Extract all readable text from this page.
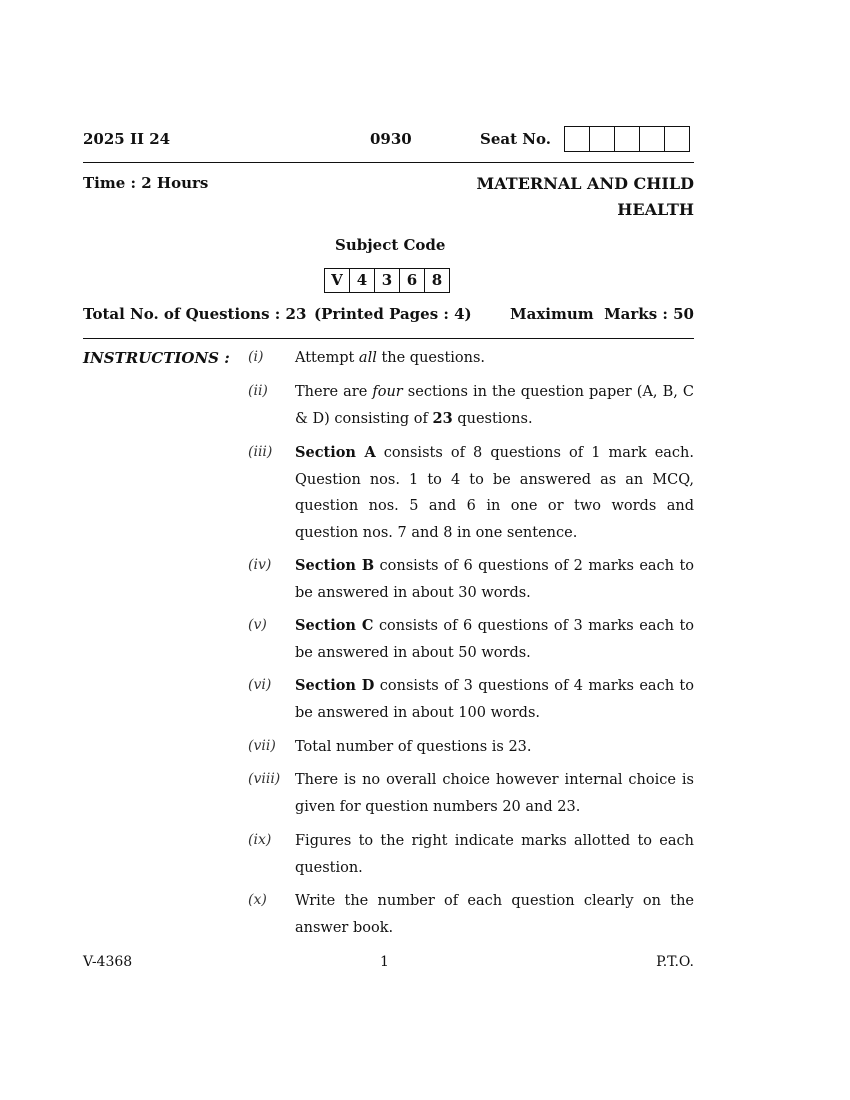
2025 II 24	0930	Seat No.
Time : 2 Hours	MATERNAL AND CHILD
HEALTH
Subject Code
V 4 3 6 8
Total No. of Questions : 23 (Printed Pages : 4)	Maximum  Marks : 50
INSTRUCTIONS : (i) Attempt all the questions.
(ii) There are four sections in the question paper (A, B, C & D) consisting of 23 questions.
(iii) Section A consists of 8 questions of 1 mark each. Question nos. 1 to 4 to be answered as an MCQ, question nos. 5 and 6 in one or two words and question nos. 7 and 8 in one sentence.
(iv) Section B consists of 6 questions of 2 marks each to be answered in about 30 words.
(v) Section C consists of 6 questions of 3 marks each to be answered in about 50 words.
(vi) Section D consists of 3 questions of 4 marks each to be answered in about 100 words.
(vii) Total number of questions is 23.
(viii) There is no overall choice however internal choice is given for question numbers 20 and 23.
(ix) Figures to the right indicate marks allotted to each question.
(x) Write the number of each question clearly on the answer book.
V-4368	1	P.T.O.
